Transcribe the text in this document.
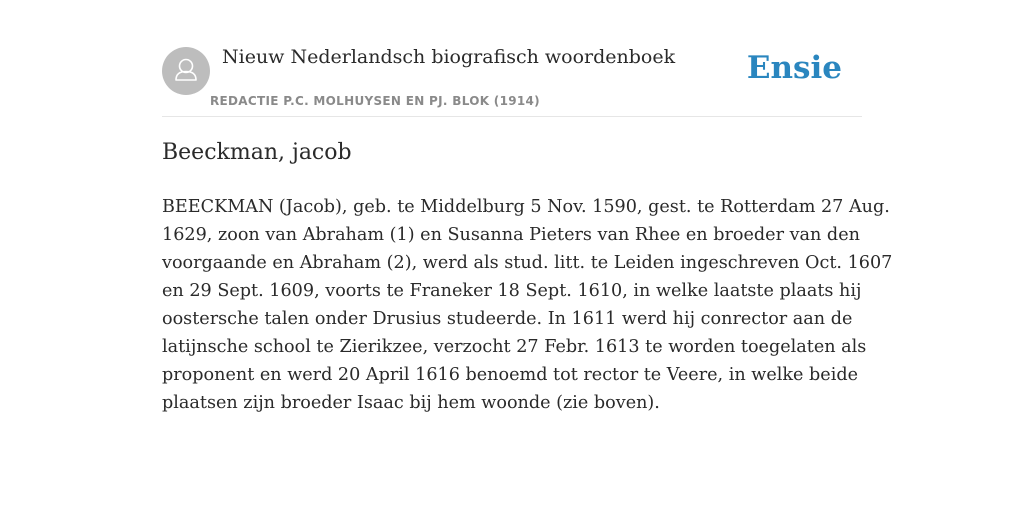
Nieuw Nederlandsch biografisch woordenboek
REDACTIE P.C. MOLHUYSEN EN PJ. BLOK (1914)
Ensie
Beeckman, jacob
BEECKMAN (Jacob), geb. te Middelburg 5 Nov. 1590, gest. te Rotterdam 27 Aug.
1629, zoon van Abraham (1) en Susanna Pieters van Rhee en broeder van den
voorgaande en Abraham (2), werd als stud. litt. te Leiden ingeschreven Oct. 1607
en 29 Sept. 1609, voorts te Franeker 18 Sept. 1610, in welke laatste plaats hij
oostersche talen onder Drusius studeerde. In 1611 werd hij conrector aan de
latijnsche school te Zierikzee, verzocht 27 Febr. 1613 te worden toegelaten als
proponent en werd 20 April 1616 benoemd tot rector te Veere, in welke beide
plaatsen zijn broeder Isaac bij hem woonde (zie boven).
